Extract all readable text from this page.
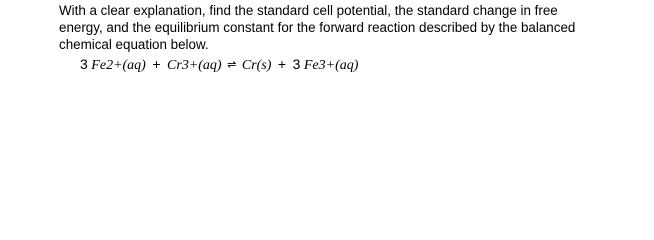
With a clear explanation, find the standard cell potential, the standard change in free
energy, and the equilibrium constant for the forward reaction described by the balanced
chemical equation below.
3 Fe2+(aq) + Cr3+(aq) ⇌ Cr(s) + 3 Fe3+(aq)
